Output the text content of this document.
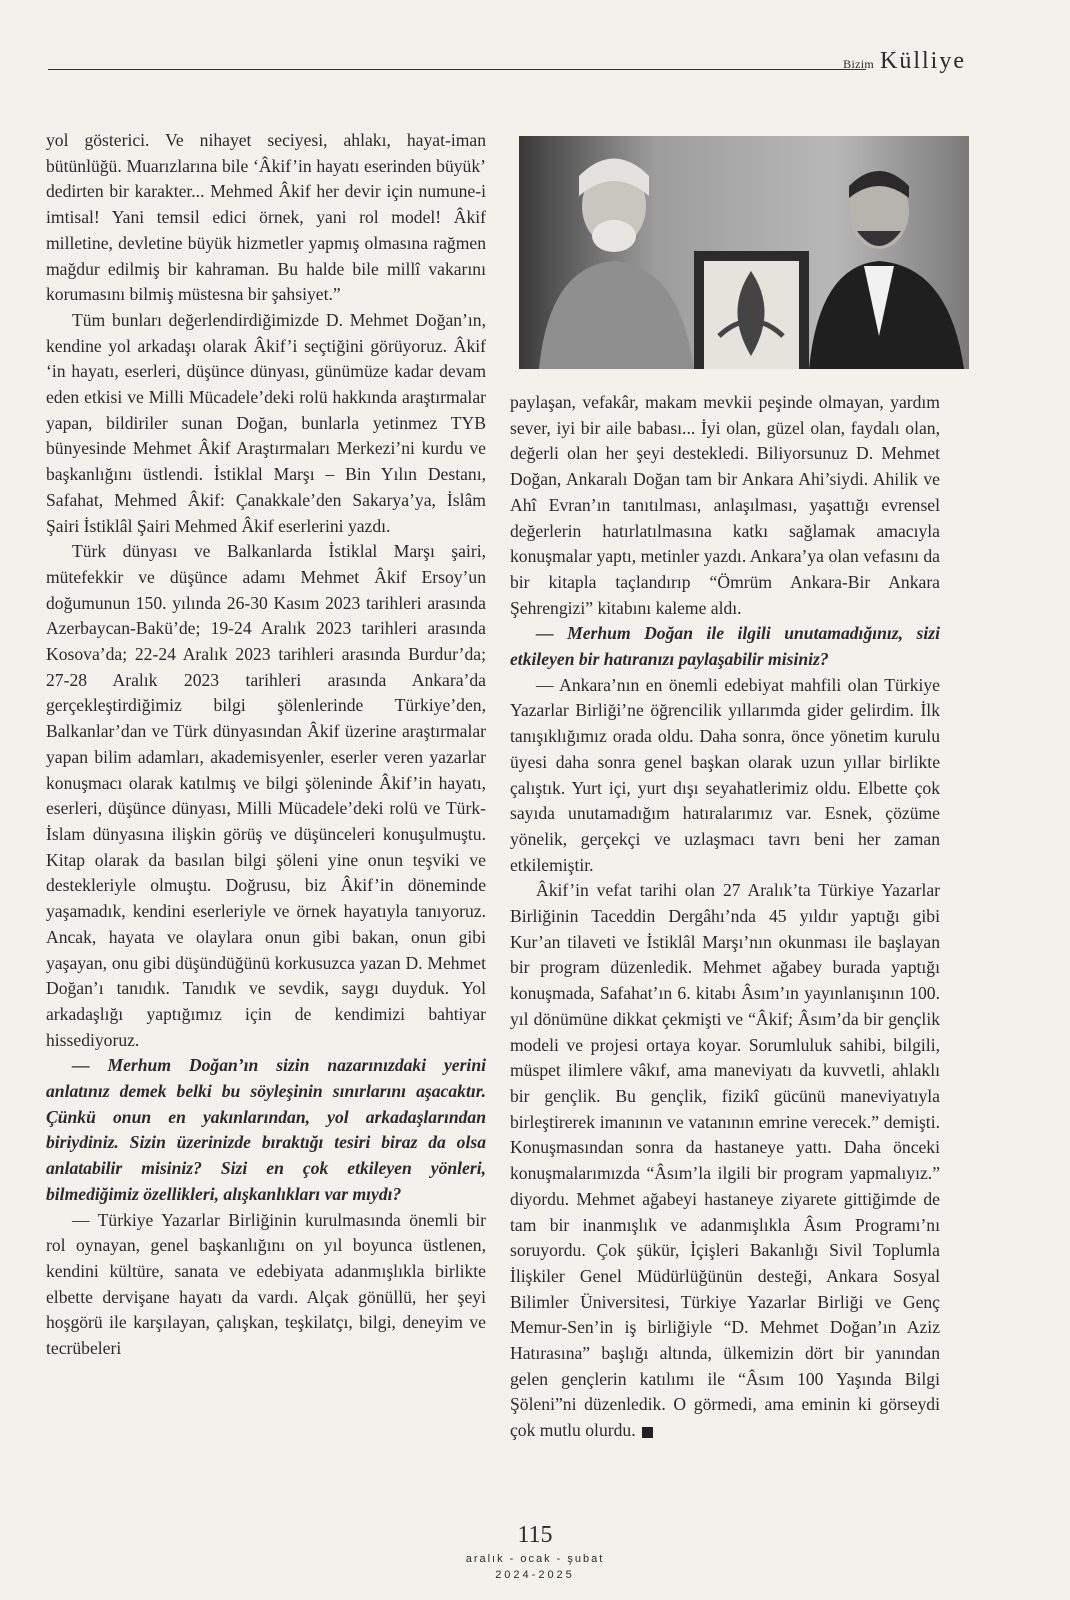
Bizim Külliye

yol gösterici. Ve nihayet seciyesi, ahlakı, hayat-iman bütünlüğü. Muarızlarına bile ‘Âkif’in hayatı eserinden büyük’ dedirten bir karakter... Mehmed Âkif her devir için numune-i imtisal! Yani temsil edici örnek, yani rol model! Âkif milletine, devletine büyük hizmetler yapmış olmasına rağmen mağdur edilmiş bir kahraman. Bu halde bile millî vakarını korumasını bilmiş müstesna bir şahsiyet.”

Tüm bunları değerlendirdiğimizde D. Mehmet Doğan’ın, kendine yol arkadaşı olarak Âkif’i seçtiğini görüyoruz. Âkif ‘in hayatı, eserleri, düşünce dünyası, günümüze kadar devam eden etkisi ve Milli Mücadele’deki rolü hakkında araştırmalar yapan, bildiriler sunan Doğan, bunlarla yetinmez TYB bünyesinde Mehmet Âkif Araştırmaları Merkezi’ni kurdu ve başkanlığını üstlendi. İstiklal Marşı – Bin Yılın Destanı, Safahat, Mehmed Âkif: Çanakkale’den Sakarya’ya, İslâm Şairi İstiklâl Şairi Mehmed Âkif eserlerini yazdı.

Türk dünyası ve Balkanlarda İstiklal Marşı şairi, mütefekkir ve düşünce adamı Mehmet Âkif Ersoy’un doğumunun 150. yılında 26-30 Kasım 2023 tarihleri arasında Azerbaycan-Bakü’de; 19-24 Aralık 2023 tarihleri arasında Kosova’da; 22-24 Aralık 2023 tarihleri arasında Burdur’da; 27-28 Aralık 2023 tarihleri arasında Ankara’da gerçekleştirdiğimiz bilgi şölenlerinde Türkiye’den, Balkanlar’dan ve Türk dünyasından Âkif üzerine araştırmalar yapan bilim adamları, akademisyenler, eserler veren yazarlar konuşmacı olarak katılmış ve bilgi şöleninde Âkif’in hayatı, eserleri, düşünce dünyası, Milli Mücadele’deki rolü ve Türk-İslam dünyasına ilişkin görüş ve düşünceleri konuşulmuştu. Kitap olarak da basılan bilgi şöleni yine onun teşviki ve destekleriyle olmuştu. Doğrusu, biz Âkif’in döneminde yaşamadık, kendini eserleriyle ve örnek hayatıyla tanıyoruz. Ancak, hayata ve olaylara onun gibi bakan, onun gibi yaşayan, onu gibi düşündüğünü korkusuzca yazan D. Mehmet Doğan’ı tanıdık. Tanıdık ve sevdik, saygı duyduk. Yol arkadaşlığı yaptığımız için de kendimizi bahtiyar hissediyoruz.

— Merhum Doğan’ın sizin nazarınızdaki yerini anlatınız demek belki bu söyleşinin sınırlarını aşacaktır. Çünkü onun en yakınlarından, yol arkadaşlarından biriydiniz. Sizin üzerinizde bıraktığı tesiri biraz da olsa anlatabilir misiniz? Sizi en çok etkileyen yönleri, bilmediğimiz özellikleri, alışkanlıkları var mıydı?

— Türkiye Yazarlar Birliğinin kurulmasında önemli bir rol oynayan, genel başkanlığını on yıl boyunca üstlenen, kendini kültüre, sanata ve edebiyata adanmışlıkla birlikte elbette dervişane hayatı da vardı. Alçak gönüllü, her şeyi hoşgörü ile karşılayan, çalışkan, teşkilatçı, bilgi, deneyim ve tecrübeleri

paylaşan, vefakâr, makam mevkii peşinde olmayan, yardım sever, iyi bir aile babası... İyi olan, güzel olan, faydalı olan, değerli olan her şeyi destekledi. Biliyorsunuz D. Mehmet Doğan, Ankaralı Doğan tam bir Ankara Ahi’siydi. Ahilik ve Ahî Evran’ın tanıtılması, anlaşılması, yaşattığı evrensel değerlerin hatırlatılmasına katkı sağlamak amacıyla konuşmalar yaptı, metinler yazdı. Ankara’ya olan vefasını da bir kitapla taçlandırıp “Ömrüm Ankara-Bir Ankara Şehrengizi” kitabını kaleme aldı.

— Merhum Doğan ile ilgili unutamadığınız, sizi etkileyen bir hatıranızı paylaşabilir misiniz?

— Ankara’nın en önemli edebiyat mahfili olan Türkiye Yazarlar Birliği’ne öğrencilik yıllarımda gider gelirdim. İlk tanışıklığımız orada oldu. Daha sonra, önce yönetim kurulu üyesi daha sonra genel başkan olarak uzun yıllar birlikte çalıştık. Yurt içi, yurt dışı seyahatlerimiz oldu. Elbette çok sayıda unutamadığım hatıralarımız var. Esnek, çözüme yönelik, gerçekçi ve uzlaşmacı tavrı beni her zaman etkilemiştir.

Âkif’in vefat tarihi olan 27 Aralık’ta Türkiye Yazarlar Birliğinin Taceddin Dergâhı’nda 45 yıldır yaptığı gibi Kur’an tilaveti ve İstiklâl Marşı’nın okunması ile başlayan bir program düzenledik. Mehmet ağabey burada yaptığı konuşmada, Safahat’ın 6. kitabı Âsım’ın yayınlanışının 100. yıl dönümüne dikkat çekmişti ve “Âkif; Âsım’da bir gençlik modeli ve projesi ortaya koyar. Sorumluluk sahibi, bilgili, müspet ilimlere vâkıf, ama maneviyatı da kuvvetli, ahlaklı bir gençlik. Bu gençlik, fizikî gücünü maneviyatıyla birleştirerek imanının ve vatanının emrine verecek.” demişti. Konuşmasından sonra da hastaneye yattı. Daha önceki konuşmalarımızda “Âsım’la ilgili bir program yapmalıyız.” diyordu. Mehmet ağabeyi hastaneye ziyarete gittiğimde de tam bir inanmışlık ve adanmışlıkla Âsım Programı’nı soruyordu. Çok şükür, İçişleri Bakanlığı Sivil Toplumla İlişkiler Genel Müdürlüğünün desteği, Ankara Sosyal Bilimler Üniversitesi, Türkiye Yazarlar Birliği ve Genç Memur-Sen’in iş birliğiyle “D. Mehmet Doğan’ın Aziz Hatırasına” başlığı altında, ülkemizin dört bir yanından gelen gençlerin katılımı ile “Âsım 100 Yaşında Bilgi Şöleni”ni düzenledik. O görmedi, ama eminin ki görseydi çok mutlu olurdu.

115
aralık - ocak - şubat
2024-2025
